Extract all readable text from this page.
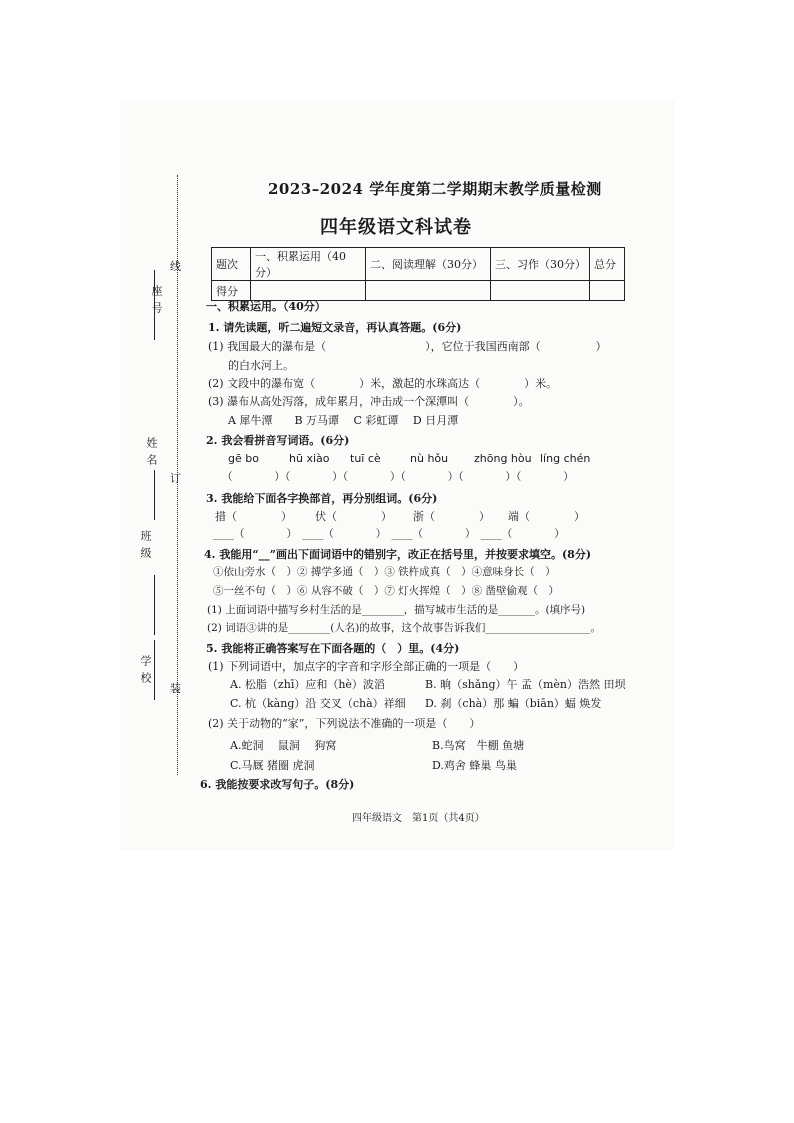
线
座号
姓名
订
班级
学校 装
2023–2024 学年度第二学期期末教学质量检测
四年级语文科试卷
题次	一、积累运用（40分）	二、阅读理解（30分）	三、习作（30分）	总分
得分				
一、积累运用。（40分）
1. 请先读题，听二遍短文录音，再认真答题。(6分)
(1) 我国最大的瀑布是（　　　　　　　　　），它位于我国西南部（　　　　　）
的白水河上。
(2) 文段中的瀑布宽（　　　　）米，激起的水珠高达（　　　　）米。
(3) 瀑布从高处泻落，成年累月，冲击成一个深潭叫（　　　　）。
A 犀牛潭　　B 万马谭　 C 彩虹谭　 D 日月潭
2. 我会看拼音写词语。(6分)
gē bo	hū xiào tuī cè	nù hǒu zhōng hòu líng chén
（　　　　）（　　　　）（　　　　）（　　　　）（　　　　）（　　　　）
3. 我能给下面各字换部首，再分别组词。(6分)
措（　　　　） 伏（　　　　） 浙（　　　　） 端（　　　　）
____（　　　　）　____（　　　　）　____（　　　　）　____（　　　　）
4. 我能用“__”画出下面词语中的错别字，改正在括号里，并按要求填空。(8分)
①依山旁水（　）② 搏学多通（　）③ 铁杵成真（　）④意味身长（　）
⑤一丝不句（　）⑥ 从容不破（　）⑦ 灯火挥煌（　）⑧ 凿壁偷观（　）
(1) 上面词语中描写乡村生活的是________，描写城市生活的是_______。(填序号)
(2) 词语③讲的是________(人名)的故事，这个故事告诉我们____________________。
5. 我能将正确答案写在下面各题的（　）里。(4分)
(1) 下列词语中，加点字的字音和字形全部正确的一项是（　　）
A. 松脂（zhī）应和（hè）波滔	B. 晌（shǎng）午 孟（mèn）浩然 田坝
C. 杭（kàng）沿 交叉（chà）祥细 D. 刹（chà）那 蝙（biān）蝠 焕发
(2) 关于动物的“家”，下列说法不准确的一项是（　　）
A.蛇洞　 鼠洞　 狗窝	B.鸟窝　牛棚 鱼塘
C.马厩 猪圈 虎洞	D.鸡舍 蜂巢 鸟巢
6. 我能按要求改写句子。(8分)
四年级语文　第1页（共4页）
